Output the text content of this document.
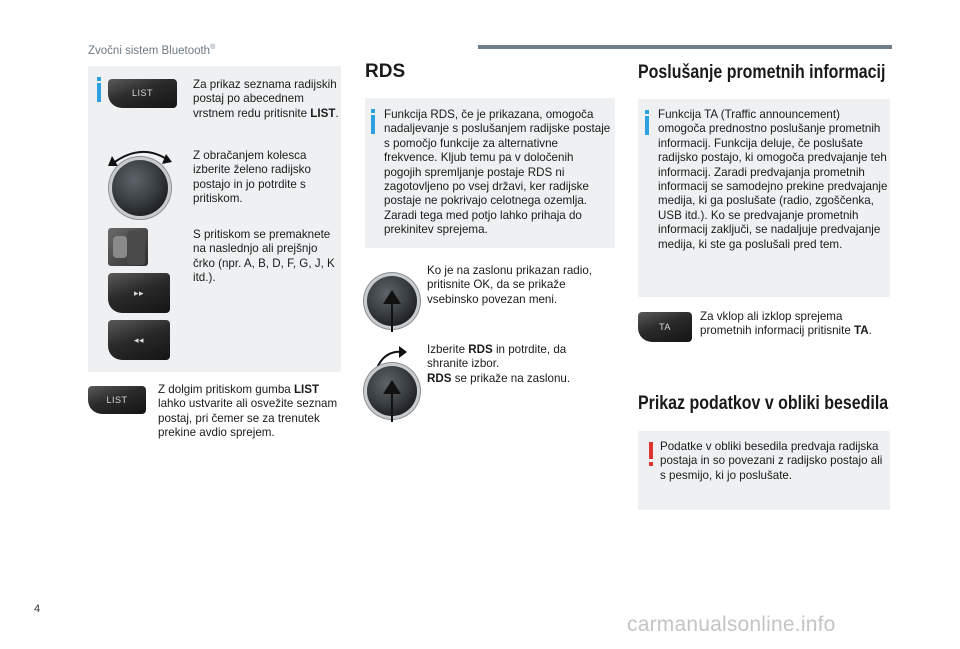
Zvočni sistem Bluetooth®
LIST
Za prikaz seznama radijskih postaj po abecednem vrstnem redu pritisnite LIST.
Z obračanjem kolesca izberite želeno radijsko postajo in jo potrdite s pritiskom.
S pritiskom se premaknete na naslednjo ali prejšnjo črko (npr. A, B, D, F, G, J, K itd.).
▸▸
◂◂
LIST
Z dolgim pritiskom gumba LIST lahko ustvarite ali osvežite seznam postaj, pri čemer se za trenutek prekine avdio sprejem.
RDS
Funkcija RDS, če je prikazana, omogoča nadaljevanje s poslušanjem radijske postaje s pomočjo funkcije za alternativne frekvence. Kljub temu pa v določenih pogojih spremljanje postaje RDS ni zagotovljeno po vsej državi, ker radijske postaje ne pokrivajo celotnega ozemlja. Zaradi tega med potjo lahko prihaja do prekinitev sprejema.
Ko je na zaslonu prikazan radio, pritisnite OK, da se prikaže vsebinsko povezan meni.
Izberite RDS in potrdite, da shranite izbor.
RDS se prikaže na zaslonu.
Poslušanje prometnih informacij
Funkcija TA (Traffic announcement) omogoča prednostno poslušanje prometnih informacij. Funkcija deluje, če poslušate radijsko postajo, ki omogoča predvajanje teh informacij. Zaradi predvajanja prometnih informacij se samodejno prekine predvajanje medija, ki ga poslušate (radio, zgoščenka, USB itd.). Ko se predvajanje prometnih informacij zaključi, se nadaljuje predvajanje medija, ki ste ga poslušali pred tem.
TA
Za vklop ali izklop sprejema prometnih informacij pritisnite TA.
Prikaz podatkov v obliki besedila
Podatke v obliki besedila predvaja radijska postaja in so povezani z radijsko postajo ali s pesmijo, ki jo poslušate.
4
carmanualsonline.info
